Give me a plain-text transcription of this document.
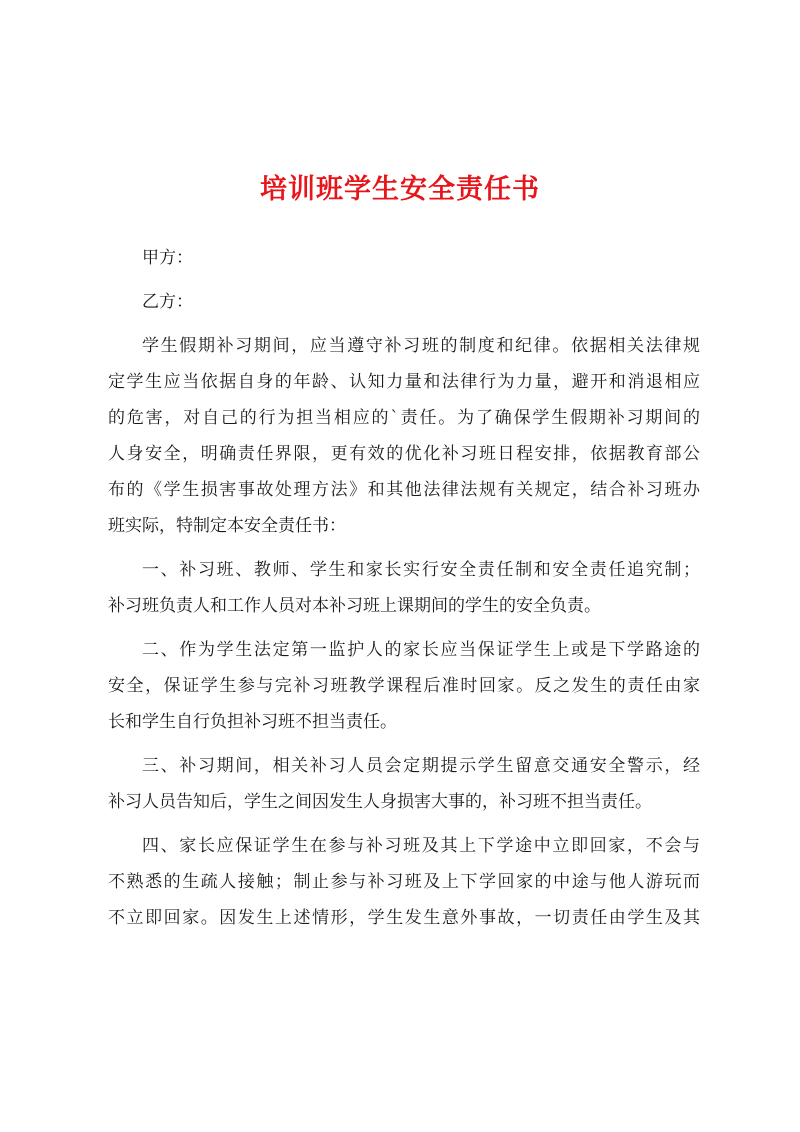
培训班学生安全责任书
甲方：
乙方：
学生假期补习期间，应当遵守补习班的制度和纪律。依据相关法律规
定学生应当依据自身的年龄、认知力量和法律行为力量，避开和消退相应
的危害，对自己的行为担当相应的`责任。为了确保学生假期补习期间的
人身安全，明确责任界限，更有效的优化补习班日程安排，依据教育部公
布的《学生损害事故处理方法》和其他法律法规有关规定，结合补习班办
班实际，特制定本安全责任书：
一、补习班、教师、学生和家长实行安全责任制和安全责任追究制；
补习班负责人和工作人员对本补习班上课期间的学生的安全负责。
二、作为学生法定第一监护人的家长应当保证学生上或是下学路途的
安全，保证学生参与完补习班教学课程后准时回家。反之发生的责任由家
长和学生自行负担补习班不担当责任。
三、补习期间，相关补习人员会定期提示学生留意交通安全警示，经
补习人员告知后，学生之间因发生人身损害大事的，补习班不担当责任。
四、家长应保证学生在参与补习班及其上下学途中立即回家，不会与
不熟悉的生疏人接触；制止参与补习班及上下学回家的中途与他人游玩而
不立即回家。因发生上述情形，学生发生意外事故，一切责任由学生及其
